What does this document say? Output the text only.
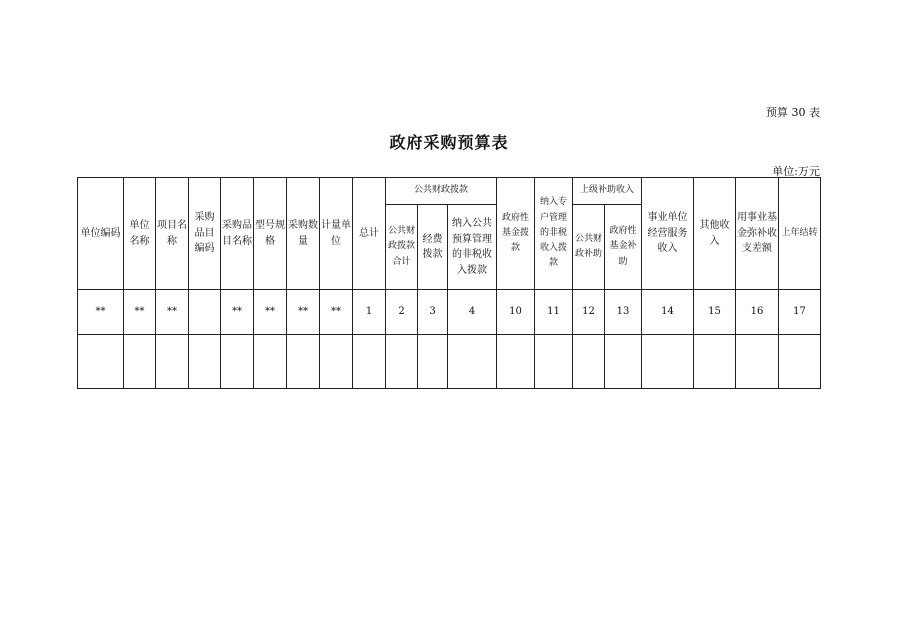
预算 30 表
政府采购预算表
单位:万元
单位编码	单位名称	项目名称	采购品目编码	采购品目名称	型号规格	采购数量	计量单位	总计	公共财政拨款			政府性基金拨款	纳入专户管理的非税收入拨款	上级补助收入		事业单位经营服务收入	其他收入	用事业基金弥补收支差额	上年结转
									公共财政拨款合计	经费拨款	纳入公共预算管理的非税收入拨款			公共财政补助	政府性基金补助				
**	**	**		**	**	**	**	1	2	3	4	10	11	12	13	14	15	16	17
